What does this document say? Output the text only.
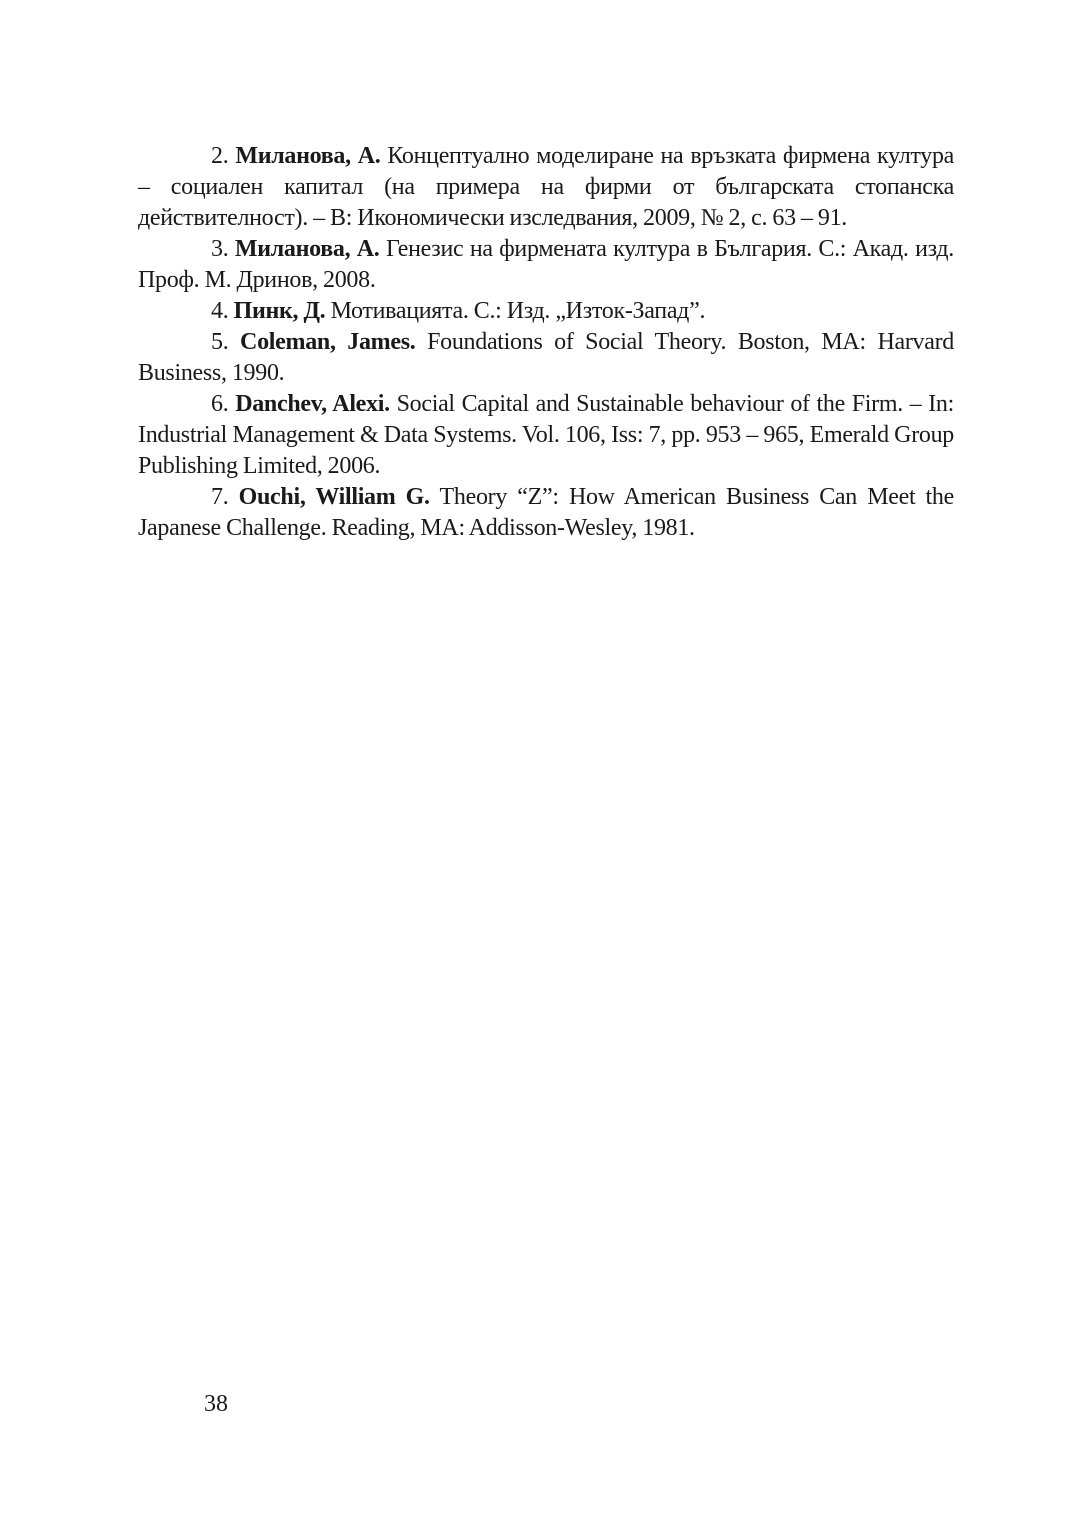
2. Миланова, А. Концептуално моделиране на връзката фирмена култура – социален капитал (на примера на фирми от българската стопанска действителност). – В: Икономически изследвания, 2009, № 2, с. 63 – 91.
3. Миланова, А. Генезис на фирмената култура в България. С.: Акад. изд. Проф. М. Дринов, 2008.
4. Пинк, Д. Мотивацията. С.: Изд. „Изток-Запад”.
5. Coleman, James. Foundations of Social Theory. Boston, MA: Harvard Business, 1990.
6. Danchev, Alexi. Social Capital and Sustainable behaviour of the Firm. – In: Industrial Management & Data Systems. Vol. 106, Iss: 7, pp. 953 – 965, Emerald Group Publishing Limited, 2006.
7. Ouchi, William G. Theory “Z”: How American Business Can Meet the Japanese Challenge. Reading, MA: Addisson-Wesley, 1981.
38
